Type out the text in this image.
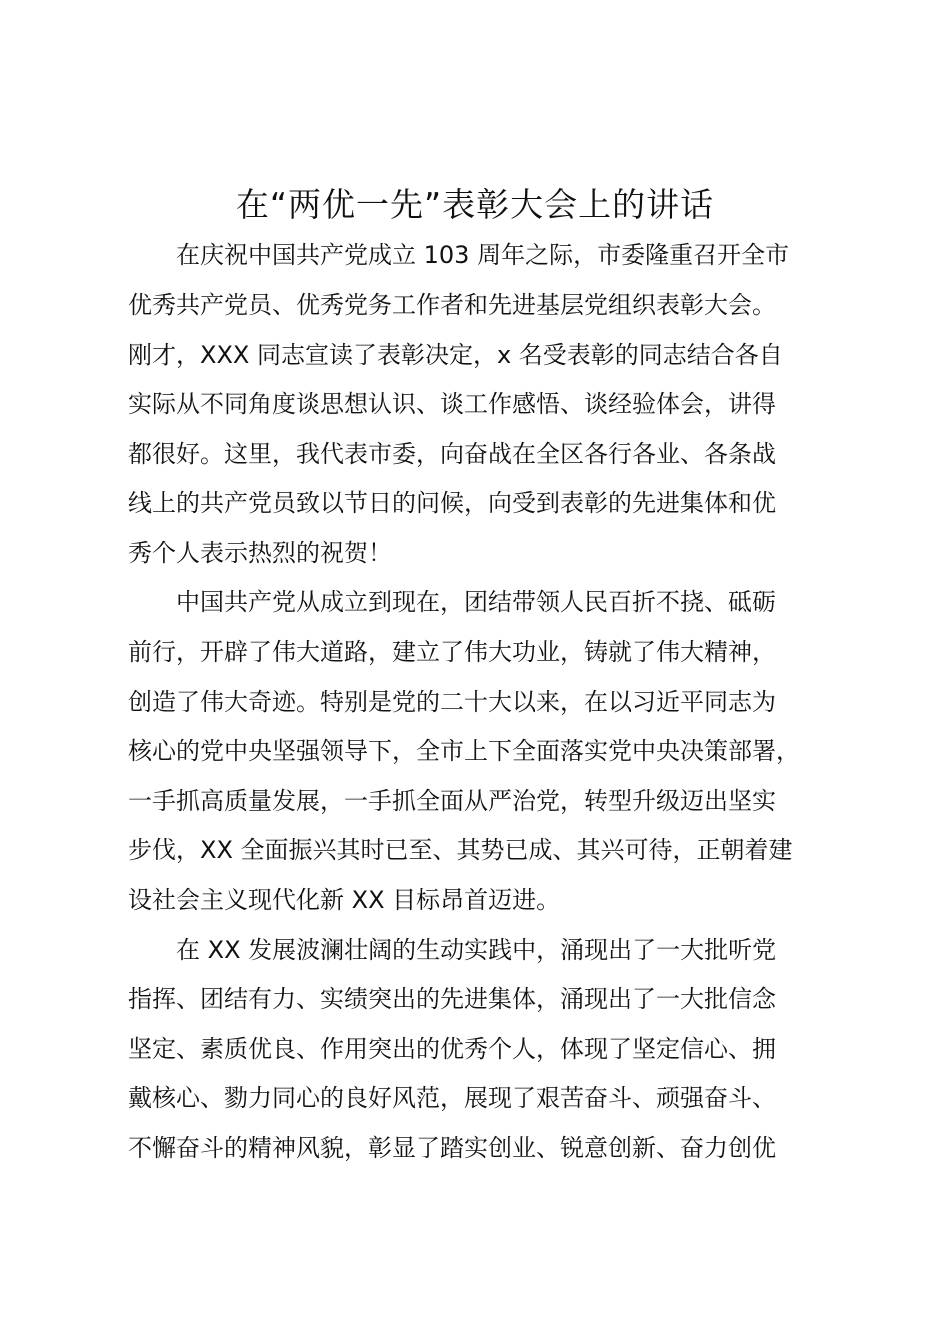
在“两优一先”表彰大会上的讲话

在庆祝中国共产党成立 103 周年之际，市委隆重召开全市

优秀共产党员、优秀党务工作者和先进基层党组织表彰大会。

刚才，XXX 同志宣读了表彰决定，x 名受表彰的同志结合各自

实际从不同角度谈思想认识、谈工作感悟、谈经验体会，讲得

都很好。这里，我代表市委，向奋战在全区各行各业、各条战

线上的共产党员致以节日的问候，向受到表彰的先进集体和优

秀个人表示热烈的祝贺！

中国共产党从成立到现在，团结带领人民百折不挠、砥砺

前行，开辟了伟大道路，建立了伟大功业，铸就了伟大精神，

创造了伟大奇迹。特别是党的二十大以来，在以习近平同志为

核心的党中央坚强领导下，全市上下全面落实党中央决策部署，

一手抓高质量发展，一手抓全面从严治党，转型升级迈出坚实

步伐，XX 全面振兴其时已至、其势已成、其兴可待，正朝着建

设社会主义现代化新 XX 目标昂首迈进。

在 XX 发展波澜壮阔的生动实践中，涌现出了一大批听党

指挥、团结有力、实绩突出的先进集体，涌现出了一大批信念

坚定、素质优良、作用突出的优秀个人，体现了坚定信心、拥

戴核心、勠力同心的良好风范，展现了艰苦奋斗、顽强奋斗、

不懈奋斗的精神风貌，彰显了踏实创业、锐意创新、奋力创优
